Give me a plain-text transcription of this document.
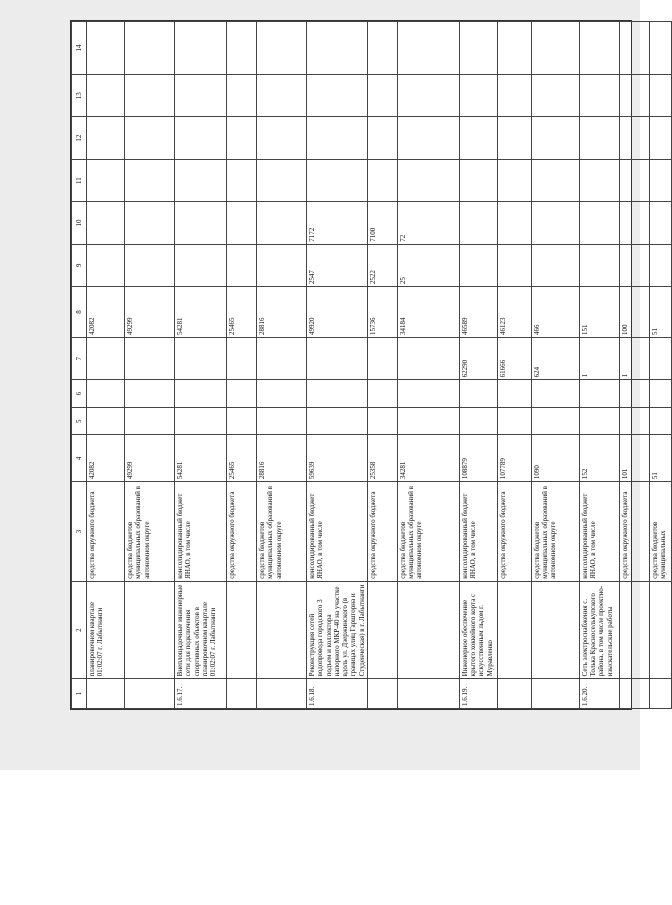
1	2	3	4	5	6	7	8	9	10	11	12	13	14
	планировочном квартале 01:02:07 г. Лабытнанги	средства окружного бюджета	42082				42082						
		средства бюджетов муниципальных образований в автономном округе	49299				49299						
1.6.17.	Внеплощадочные инженерные сети для подключения спортивных объектов в планировочном квартале 01:02:07 г. Лабытнанги	консолидированный бюджет ЯНАО, в том числе	54281				54281						
		средства окружного бюджета	25465				25465						
		средства бюджетов муниципальных образований в автономном округе	28816				28816						
1.6.18.	Реконструкция сетей водопровода городского 3 подъем и коллектора напорного МКР-40 на участке вдоль ул. Дзержинского (в границах улиц Гаршгорна и Студенческая) в г. Лабытнанги	консолидированный бюджет ЯНАО, в том числе	59639				49920	2547	7172				
		средства окружного бюджета	25358				15736	2522	7100				
		средства бюджетов муниципальных образований в автономном округе	34281				34184	25	72				
1.6.19.	Инженерное обеспечение крытого хоккейного корта с искусственным льдом г. Муравленко	консолидированный бюджет ЯНАО, в том числе	108879			62290	46589						
		средства окружного бюджета	107789			61666	46123						
		средства бюджетов муниципальных образований в автономном округе	1090			624	466						
1.6.20.	Сеть электроснабжения с. Толька Красноселькупского района, в том числе проектно-изыскательские работы	консолидированный бюджет ЯНАО, в том числе	152			1	151						
		средства окружного бюджета	101			1	100						
		средства бюджетов муниципальных	51				51						
